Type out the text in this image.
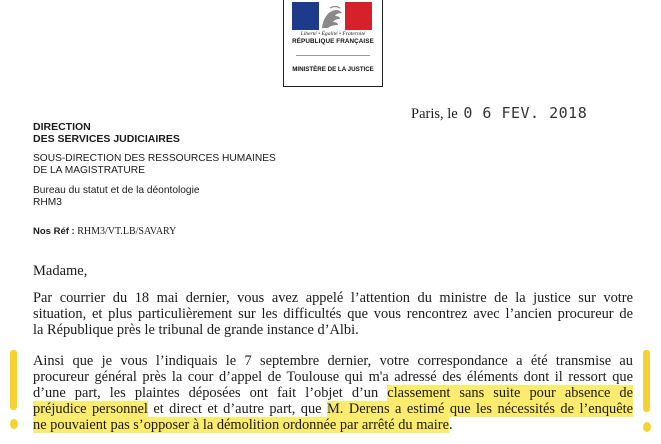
Liberté • Égalité • Fraternité
RÉPUBLIQUE FRANÇAISE
MINISTÈRE DE LA JUSTICE
Paris, le 0 6 FEV. 2018
DIRECTION
DES SERVICES JUDICIAIRES
SOUS-DIRECTION DES RESSOURCES HUMAINES
DE LA MAGISTRATURE
Bureau du statut et de la déontologie
RHM3
Nos Réf : RHM3/VT.LB/SAVARY
Madame,
Par courrier du 18 mai dernier, vous avez appelé l’attention du ministre de la justice sur votre
situation, et plus particulièrement sur les difficultés que vous rencontrez avec l’ancien procureur de
la République près le tribunal de grande instance d’Albi.
Ainsi que je vous l’indiquais le 7 septembre dernier, votre correspondance a été transmise au
procureur général près la cour d’appel de Toulouse qui m'a adressé des éléments dont il ressort que
d’une part, les plaintes déposées ont fait l’objet d’un classement sans suite pour absence de
préjudice personnel et direct et d’autre part, que M. Derens a estimé que les nécessités de l’enquête
ne pouvaient pas s’opposer à la démolition ordonnée par arrêté du maire.
